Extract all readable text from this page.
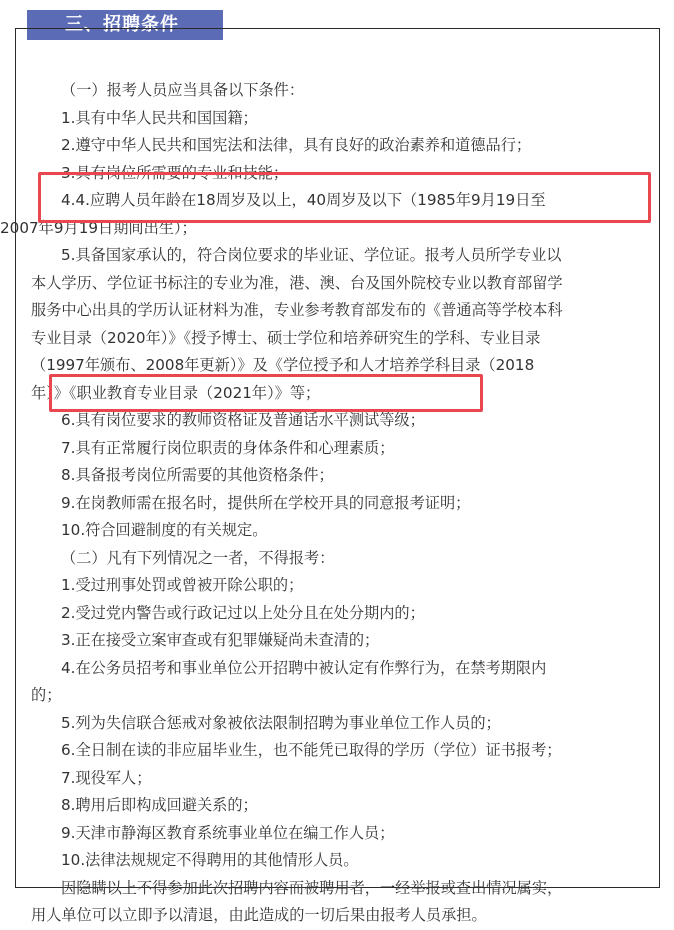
三、招聘条件
（一）报考人员应当具备以下条件：
1.具有中华人民共和国国籍；
2.遵守中华人民共和国宪法和法律，具有良好的政治素养和道德品行；
3.具有岗位所需要的专业和技能；
4.4.应聘人员年龄在18周岁及以上，40周岁及以下（1985年9月19日至
2007年9月19日期间出生）；
5.具备国家承认的，符合岗位要求的毕业证、学位证。报考人员所学专业以
本人学历、学位证书标注的专业为准，港、澳、台及国外院校专业以教育部留学
服务中心出具的学历认证材料为准，专业参考教育部发布的《普通高等学校本科
专业目录（2020年）》《授予博士、硕士学位和培养研究生的学科、专业目录
（1997年颁布、2008年更新）》及《学位授予和人才培养学科目录（2018
年）》《职业教育专业目录（2021年）》等；
6.具有岗位要求的教师资格证及普通话水平测试等级；
7.具有正常履行岗位职责的身体条件和心理素质；
8.具备报考岗位所需要的其他资格条件；
9.在岗教师需在报名时，提供所在学校开具的同意报考证明；
10.符合回避制度的有关规定。
（二）凡有下列情况之一者，不得报考：
1.受过刑事处罚或曾被开除公职的；
2.受过党内警告或行政记过以上处分且在处分期内的；
3.正在接受立案审查或有犯罪嫌疑尚未查清的；
4.在公务员招考和事业单位公开招聘中被认定有作弊行为，在禁考期限内
的；
5.列为失信联合惩戒对象被依法限制招聘为事业单位工作人员的；
6.全日制在读的非应届毕业生，也不能凭已取得的学历（学位）证书报考；
7.现役军人；
8.聘用后即构成回避关系的；
9.天津市静海区教育系统事业单位在编工作人员；
10.法律法规规定不得聘用的其他情形人员。
因隐瞒以上不得参加此次招聘内容而被聘用者，一经举报或查出情况属实，
用人单位可以立即予以清退，由此造成的一切后果由报考人员承担。
